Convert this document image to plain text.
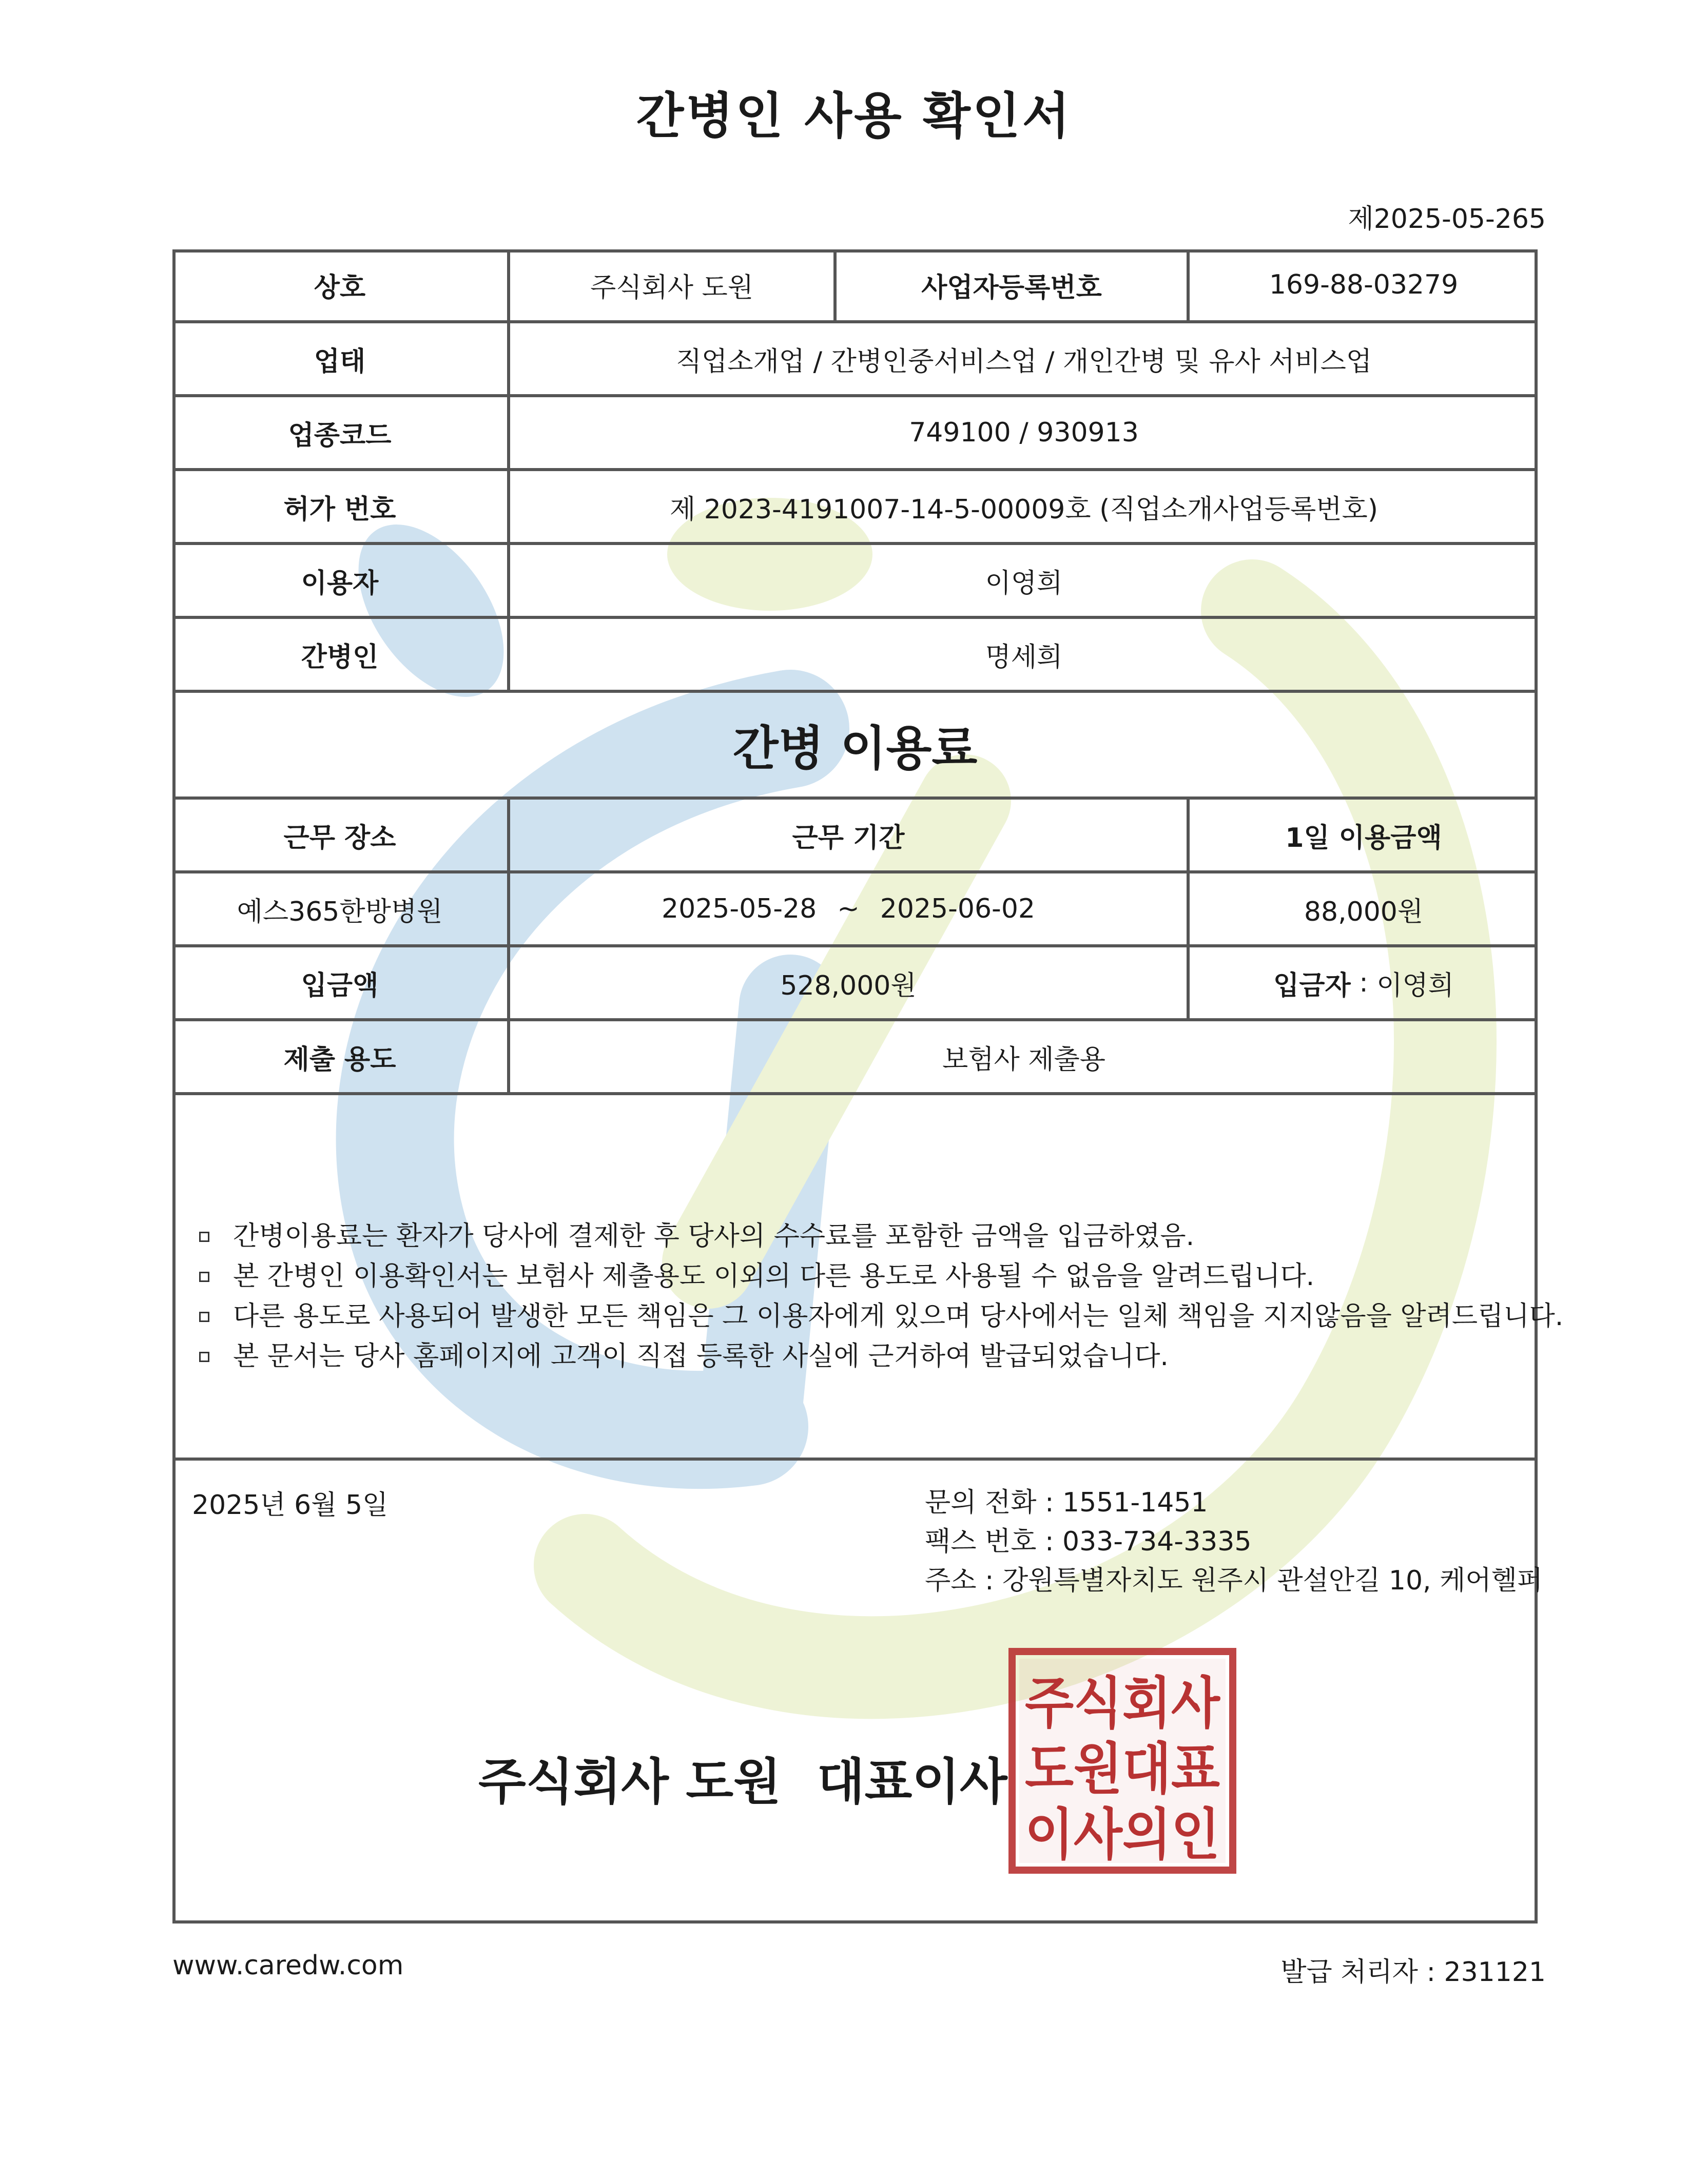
간병인 사용 확인서
제2025-05-265
상호	주식회사 도원	사업자등록번호	169-88-03279
업태	직업소개업 / 간병인중서비스업 / 개인간병 및 유사 서비스업
업종코드	749100 / 930913
허가 번호	제 2023-4191007-14-5-00009호 (직업소개사업등록번호)
이용자	이영희
간병인	명세희
간병 이용료
근무 장소	근무 기간	1일 이용금액
예스365한방병원	2025-05-28 ~ 2025-06-02	88,000원
입금액	528,000원	입금자 : 이영희
제출 용도	보험사 제출용
간병이용료는 환자가 당사에 결제한 후 당사의 수수료를 포함한 금액을 입금하였음.
본 간병인 이용확인서는 보험사 제출용도 이외의 다른 용도로 사용될 수 없음을 알려드립니다.
다른 용도로 사용되어 발생한 모든 책임은 그 이용자에게 있으며 당사에서는 일체 책임을 지지않음을 알려드립니다.
본 문서는 당사 홈페이지에 고객이 직접 등록한 사실에 근거하여 발급되었습니다.
2025년 6월 5일	문의 전화 : 1551-1451
팩스 번호 : 033-734-3335
주소 : 강원특별자치도 원주시 관설안길 10, 케어헬퍼
주식회사 도원 대표이사
주식회사
도원대표
이사의인
www.caredw.com	발급 처리자 : 231121
